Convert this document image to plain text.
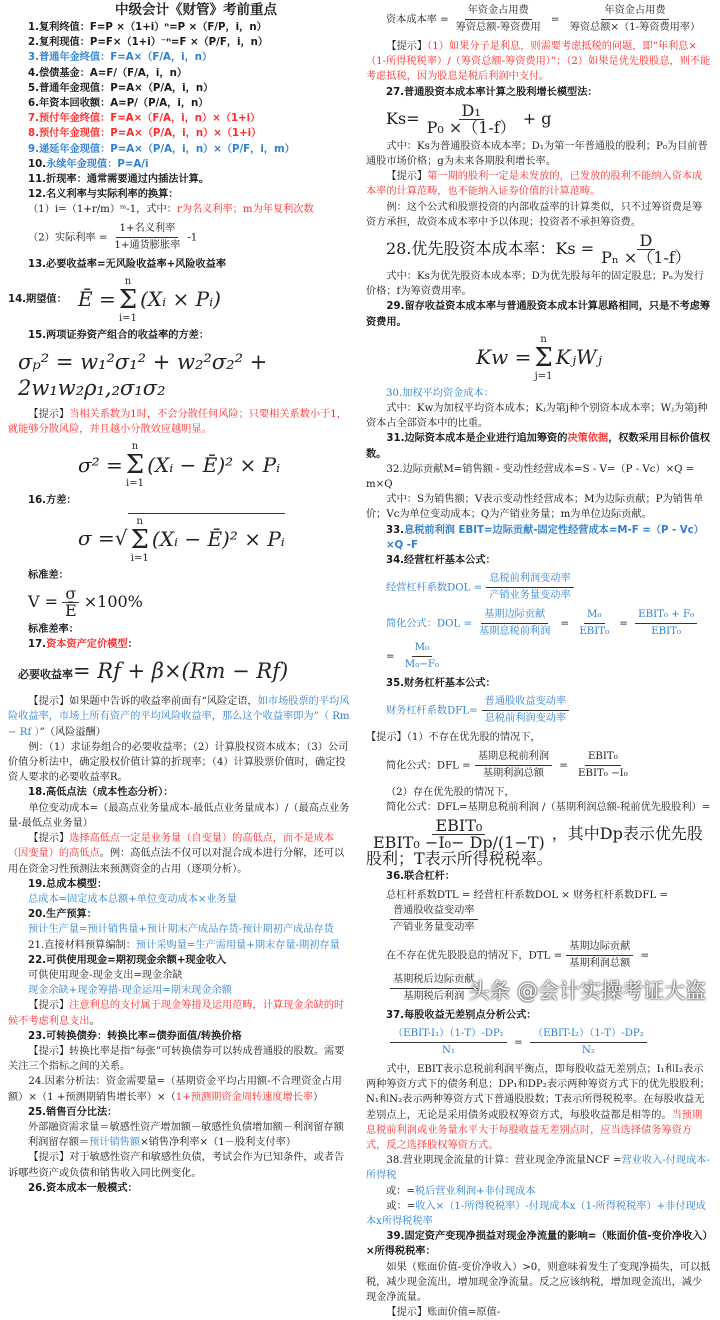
中级会计《财管》考前重点
1.复利终值：F=P ×（1+i）ⁿ=P ×（F/P，i，n）
2.复利现值：P=F×（1+i）⁻ⁿ=F ×（P/F，i，n）
3.普通年金终值：F=A×（F/A，i，n）
4.偿债基金：A=F/（F/A，i，n）
5.普通年金现值：P=A×（P/A，i，n）
6.年资本回收额：A=P/（P/A，i，n）
7.预付年金终值：F=A×（F/A，i，n）×（1+i）
8.预付年金现值：P=A×（P/A，i，n）×（1+i）
9.递延年金现值：P=A×（P/A，i，n）×（P/F，i，m）
10.永续年金现值：P=A/i
11.折现率：通常需要通过内插法计算。
12.名义利率与实际利率的换算：
（1）i=（1+r/m）ᵐ-1，式中：r为名义利率；m为年复利次数
（2）实际利率 = $\frac{\text{1+名义利率}}{\text{1+通货膨胀率}} -1$
13.必要收益率=无风险收益率+风险收益率
14.期望值： Ē =
n
Σ
i=1
(Xᵢ × Pᵢ)
15.两项证券资产组合的收益率的方差：
σₚ² = w₁²σ₁² + w₂²σ₂² + 2w₁w₂ρ₁,₂σ₁σ₂
【提示】当相关系数为1时，不会分散任何风险；只要相关系数小于1，就能够分散风险，并且越小分散效应越明显。
σ² =
n
Σ
i=1
(Xᵢ − Ē)² × Pᵢ
16.方差：
σ = √
n
Σ
i=1
(Xᵢ − Ē)² × Pᵢ
标准差：
$V = \frac{\sigma}{Ē} \times 100\%$
标准差率：
17.资本资产定价模型：
必要收益率= Rf + β×(Rm − Rf)
【提示】如果题中告诉的收益率前面有“风险定语，如市场股票的平均风险收益率，市场上所有资产的平均风险收益率，那么这个收益率即为”（ Rm − Rf ）”（风险溢酬）
例：（1）求证券组合的必要收益率；（2）计算股权资本成本；（3）公司价值分析法中，确定股权价值计算的折现率；（4）计算股票价值时，确定投资人要求的必要收益率R。
18.高低点法（成本性态分析）：
单位变动成本=（最高点业务量成本-最低点业务量成本）/（最高点业务量-最低点业务量）
【提示】选择高低点一定是业务量（自变量）的高低点，而不是成本（因变量）的高低点。例：高低点法不仅可以对混合成本进行分解，还可以用在资金习性预测法来预测资金的占用（逐项分析）。
19.总成本模型：
总成本=固定成本总额+单位变动成本×业务量
20.生产预算：
预计生产量=预计销售量+预计期末产成品存货-预计期初产成品存货
21.直接材料预算编制：预计采购量=生产需用量+期末存量-期初存量
22.可供使用现金=期初现金余额+现金收入
可供使用现金-现金支出=现金余缺
现金余缺+现金筹措-现金运用=期末现金余额
【提示】注意利息的支付属于现金筹措及运用范畴，计算现金余缺的时候不考虑利息支出。
23.可转换债券：转换比率=债券面值/转换价格
【提示】转换比率是指“每张”可转换债券可以转成普通股的股数。需要关注三个指标之间的关系。
24.因素分析法：资金需要量=（基期资金平均占用额-不合理资金占用额）×（1 +预测期销售增长率）×（1+预测期资金周转速度增长率）
25.销售百分比法：
外部融资需求量＝敏感性资产增加额－敏感性负债增加额－利润留存额
利润留存额＝预计销售额×销售净利率×（1－股利支付率）
【提示】对于敏感性资产和敏感性负债，考试会作为已知条件，或者告诉哪些资产或负债和销售收入同比例变化。
26.资本成本一般模式：
资本成本率 = $\frac{\text{年资金占用费}}{\text{筹资总额-筹资费用}} = \frac{\text{年资金占用费}}{\text{筹资总额×（1-筹资费用率）}}$
【提示】（1）如果分子是利息，则需要考虑抵税的问题，即“年利息×（1-所得税税率）/（筹资总额-筹资费用）”；（2）如果是优先股股息，则不能考虑抵税，因为股息是税后利润中支付。
27.普通股资本成本率计算之股利增长模型法：
$Ks= \frac{\text{D₁}}{\text{P₀ ×（1-f）}} + g$
式中：Ks为普通股资本成本率；D₁为第一年普通股的股利；P₀为目前普通股市场价格；g为未来各期股利增长率。
【提示】第一期的股利一定是未发放的，已发放的股利不能纳入资本成本率的计算范畴，也不能纳入证券价值的计算范畴。
例：这个公式和股票投资的内部收益率的计算类似，只不过筹资费是筹资方承担，故资本成本率中予以体现；投资者不承担筹资费。
28.优先股资本成本率：$Ks = \frac{D}{\text{Pₙ ×（1-f）}}$
式中：Ks为优先股资本成本率；D为优先股每年的固定股息；Pₙ为发行价格；f为筹资费用率。
29.留存收益资本成本率与普通股资本成本计算思路相同，只是不考虑筹资费用。
Kw =
n
Σ
j=1
KⱼWⱼ
30.加权平均资金成本：
式中：Kw为加权平均资本成本；Kⱼ为第j种个别资本成本率；Wⱼ为第j种资本占全部资本中的比重。
31.边际资本成本是企业进行追加筹资的决策依据，权数采用目标价值权数。
32.边际贡献M=销售额 - 变动性经营成本=S - V=（P - Vc）×Q = m×Q
式中：S为销售额；V表示变动性经营成本；M为边际贡献；P为销售单价；Vc为单位变动成本；Q为产销业务量；m为单位边际贡献。
33.息税前利润 EBIT=边际贡献-固定性经营成本=M-F =（P - Vc）×Q -F
34.经营杠杆基本公式：
经营杠杆系数DOL = $\frac{\text{息税前利润变动率}}{\text{产销业务量变动率}}$
简化公式：DOL = $\frac{\text{基期边际贡献}}{\text{基期息税前利润}} = \frac{\text{M₀}}{\text{EBIT₀}} = \frac{\text{EBIT₀ + F₀}}{\text{EBIT₀}}$
= $\frac{\text{M₀}}{\text{M₀−F₀}}$
35.财务杠杆基本公式：
财务杠杆系数$DFL= \frac{\text{普通股收益变动率}}{\text{息税前利润变动率}}$
【提示】（1）不存在优先股的情况下，
简化公式：DFL = $\frac{\text{基期息税前利润}}{\text{基期利润总额}} = \frac{\text{EBIT₀}}{\text{EBIT₀ −I₀}}$
（2）存在优先股的情况下，
简化公式：DFL=基期息税前利润 /（基期利润总额-税前优先股股利）=
$\frac{\text{EBIT₀}}{\text{EBIT₀ −I₀− Dp/(1−T)}}$ ，其中Dp表示优先股股利；T表示所得税税率。
36.联合杠杆：
总杠杆系数DTL = 经营杠杆系数DOL × 财务杠杆系数DFL =
$\frac{\text{普通股收益变动率}}{\text{产销业务量变动率}}$
在不存在优先股股息的情况下，DTL = $\frac{\text{基期边际贡献}}{\text{基期利润总额}}$ =
$\frac{\text{基期税后边际贡献}}{\text{基期税后利润}}$
37.每股收益无差别点分析公式：
$\frac{\text{（EBIT-I₁）（1-T）-DP₁}}{\text{N₁}} = \frac{\text{（EBIT-I₂）（1-T）-DP₂}}{\text{N₂}}$
式中，EBIT表示息税前利润平衡点，即每股收益无差别点；I₁和I₂表示两种筹资方式下的债务利息；DP₁和DP₂表示两种筹资方式下的优先股股利；N₁和N₂表示两种筹资方式下普通股股数；T表示所得税税率。在每股收益无差别点上，无论是采用债务或股权筹资方式，每股收益都是相等的。当预期息税前利润或业务量水平大于每股收益无差别点时，应当选择债务筹资方式，反之选择股权筹资方式。
38.营业期现金流量的计算：营业现金净流量NCF =营业收入-付现成本-所得税
或：=税后营业利润+非付现成本
或：=收入×（1-所得税税率）-付现成本x（1-所得税税率）+非付现成本x所得税税率
39.固定资产变现净损益对现金净流量的影响=（账面价值-变价净收入）×所得税税率：
如果（账面价值-变价净收入）>0，则意味着发生了变现净损失，可以抵税，减少现金流出，增加现金净流量。反之应该纳税，增加现金流出，减少现金净流量。
【提示】账面价值=原值-
头条 @会计实操考证大盗
